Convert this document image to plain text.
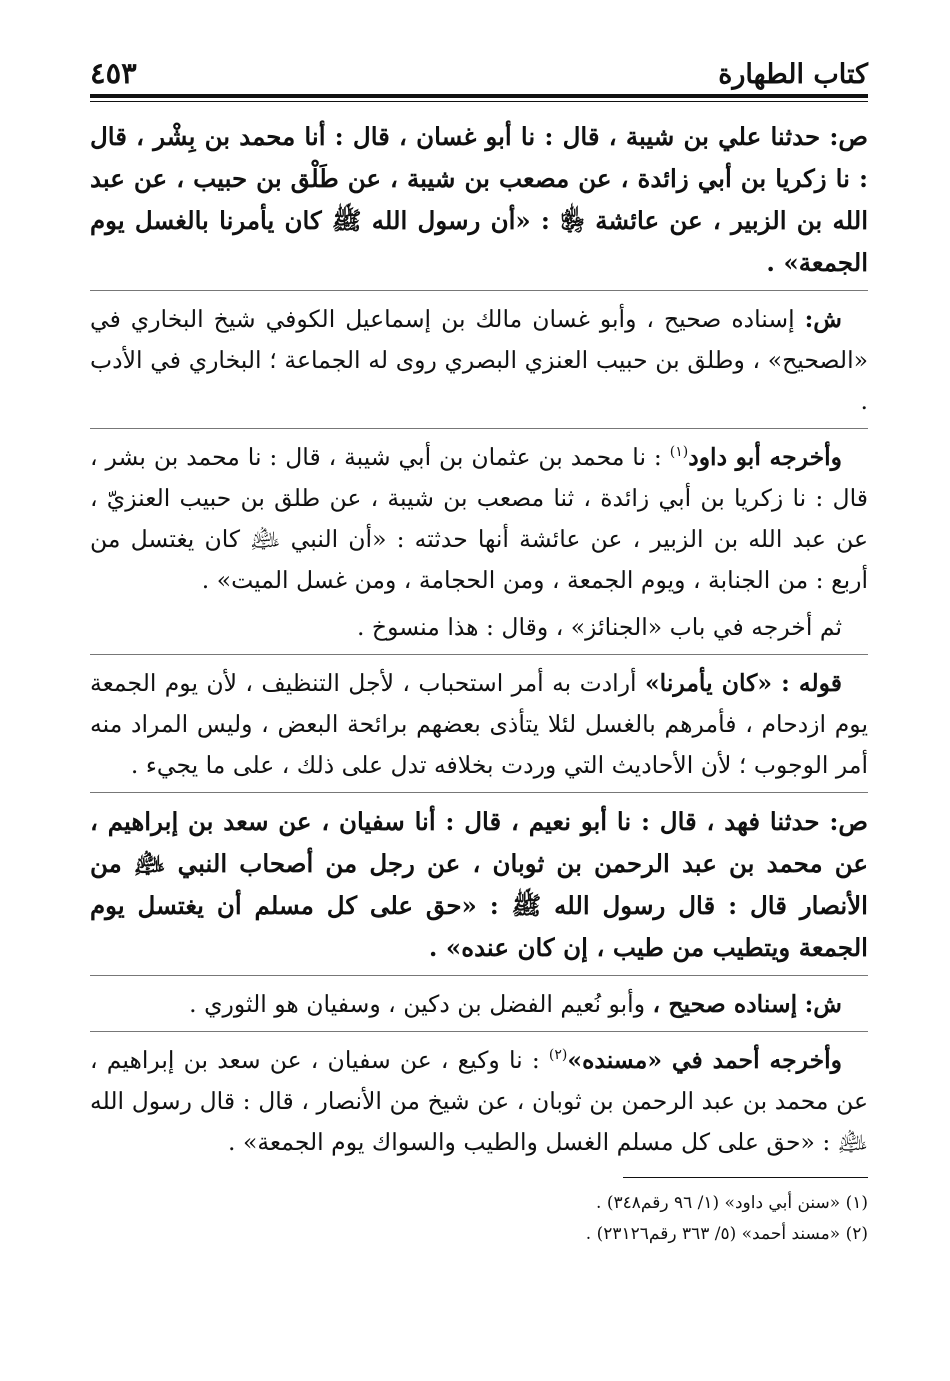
كتاب الطهارة
٤٥٣

ص: حدثنا علي بن شيبة ، قال : نا أبو غسان ، قال : أنا محمد بن بِشْر ، قال : نا زكريا بن أبي زائدة ، عن مصعب بن شيبة ، عن طَلْق بن حبيب ، عن عبد الله بن الزبير ، عن عائشة ﵂ : «أن رسول الله ﷺ كان يأمرنا بالغسل يوم الجمعة» .

ش: إسناده صحيح ، وأبو غسان مالك بن إسماعيل الكوفي شيخ البخاري في «الصحيح» ، وطلق بن حبيب العنزي البصري روى له الجماعة ؛ البخاري في الأدب .

وأخرجه أبو داود$^{(١)}$ : نا محمد بن عثمان بن أبي شيبة ، قال : نا محمد بن بشر ، قال : نا زكريا بن أبي زائدة ، ثنا مصعب بن شيبة ، عن طلق بن حبيب العنزيّ ، عن عبد الله بن الزبير ، عن عائشة أنها حدثته : «أن النبي ﵇ كان يغتسل من أربع : من الجنابة ، ويوم الجمعة ، ومن الحجامة ، ومن غسل الميت» .

ثم أخرجه في باب «الجنائز» ، وقال : هذا منسوخ .

قوله : «كان يأمرنا» أرادت به أمر استحباب ، لأجل التنظيف ، لأن يوم الجمعة يوم ازدحام ، فأمرهم بالغسل لئلا يتأذى بعضهم برائحة البعض ، وليس المراد منه أمر الوجوب ؛ لأن الأحاديث التي وردت بخلافه تدل على ذلك ، على ما يجيء .

ص: حدثنا فهد ، قال : نا أبو نعيم ، قال : أنا سفيان ، عن سعد بن إبراهيم ، عن محمد بن عبد الرحمن بن ثوبان ، عن رجل من أصحاب النبي ﵇ من الأنصار قال : قال رسول الله ﷺ : «حق على كل مسلم أن يغتسل يوم الجمعة ويتطيب من طيب ، إن كان عنده» .

ش: إسناده صحيح ، وأبو نُعيم الفضل بن دكين ، وسفيان هو الثوري .

وأخرجه أحمد في «مسنده»$^{(٢)}$ : نا وكيع ، عن سفيان ، عن سعد بن إبراهيم ، عن محمد بن عبد الرحمن بن ثوبان ، عن شيخ من الأنصار ، قال : قال رسول الله ﵇ : «حق على كل مسلم الغسل والطيب والسواك يوم الجمعة» .

(١) «سنن أبي داود» (١/ ٩٦ رقم٣٤٨) .

(٢) «مسند أحمد» (٥/ ٣٦٣ رقم٢٣١٢٦) .
